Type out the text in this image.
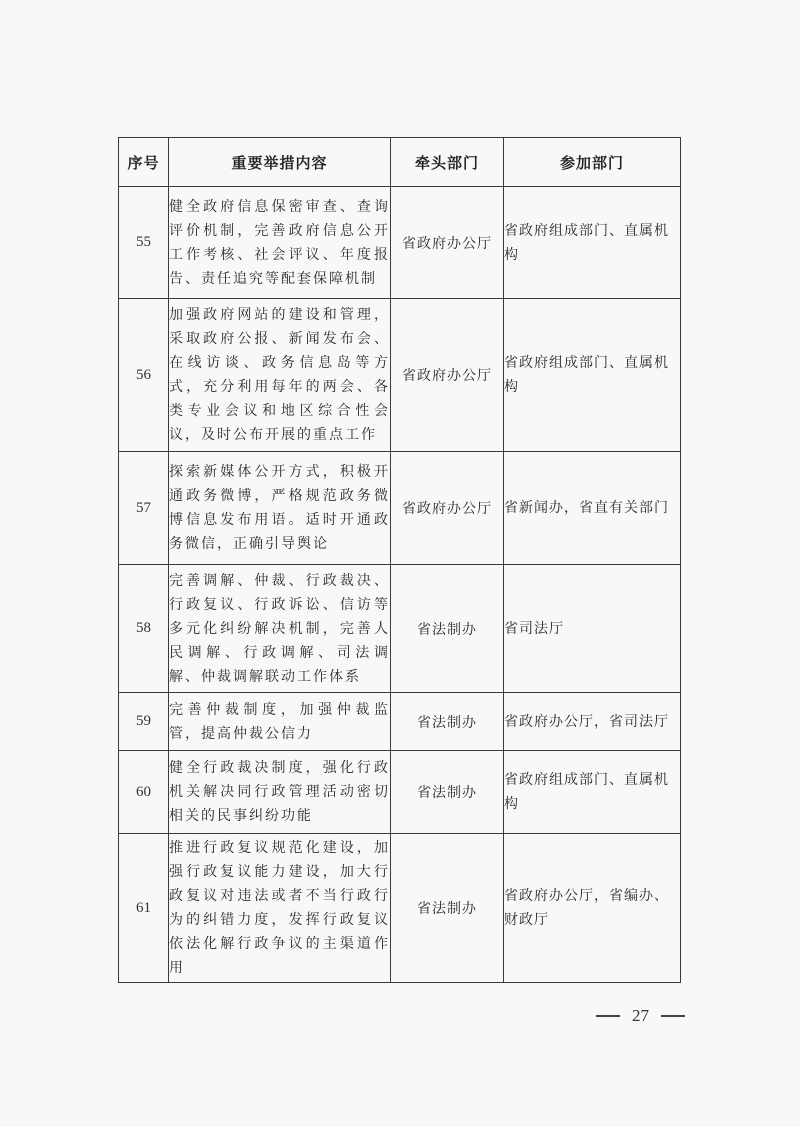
序号	重要举措内容	牵头部门	参加部门
55	健全政府信息保密审查、查询评价机制，完善政府信息公开工作考核、社会评议、年度报告、责任追究等配套保障机制	省政府办公厅	省政府组成部门、直属机构
56	加强政府网站的建设和管理，采取政府公报、新闻发布会、在线访谈、政务信息岛等方式，充分利用每年的两会、各类专业会议和地区综合性会议，及时公布开展的重点工作	省政府办公厅	省政府组成部门、直属机构
57	探索新媒体公开方式，积极开通政务微博，严格规范政务微博信息发布用语。适时开通政务微信，正确引导舆论	省政府办公厅	省新闻办，省直有关部门
58	完善调解、仲裁、行政裁决、行政复议、行政诉讼、信访等多元化纠纷解决机制，完善人民调解、行政调解、司法调解、仲裁调解联动工作体系	省法制办	省司法厅
59	完善仲裁制度，加强仲裁监管，提高仲裁公信力	省法制办	省政府办公厅，省司法厅
60	健全行政裁决制度，强化行政机关解决同行政管理活动密切相关的民事纠纷功能	省法制办	省政府组成部门、直属机构
61	推进行政复议规范化建设，加强行政复议能力建设，加大行政复议对违法或者不当行政行为的纠错力度，发挥行政复议依法化解行政争议的主渠道作用	省法制办	省政府办公厅，省编办、财政厅
27
